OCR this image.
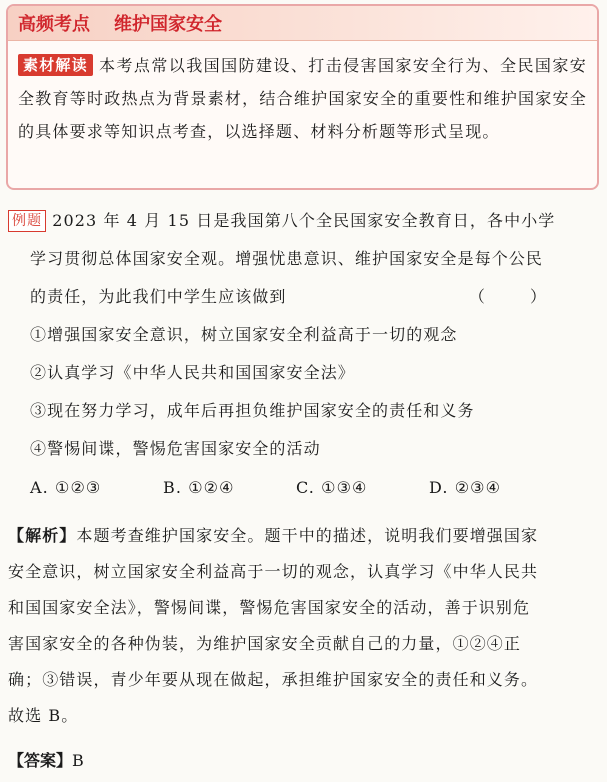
高频考点 维护国家安全
素材解读 本考点常以我国国防建设、打击侵害国家安全行为、全民国家安全教育等时政热点为背景素材，结合维护国家安全的重要性和维护国家安全的具体要求等知识点考查，以选择题、材料分析题等形式呈现。
例题 2023 年 4 月 15 日是我国第八个全民国家安全教育日，各中小学
学习贯彻总体国家安全观。增强忧患意识、维护国家安全是每个公民
的责任，为此我们中学生应该做到	（ ）
①增强国家安全意识，树立国家安全利益高于一切的观念
②认真学习《中华人民共和国国家安全法》
③现在努力学习，成年后再担负维护国家安全的责任和义务
④警惕间谍，警惕危害国家安全的活动
A. ①②③	B. ①②④	C. ①③④	D. ②③④
【解析】本题考查维护国家安全。题干中的描述，说明我们要增强国家
安全意识，树立国家安全利益高于一切的观念，认真学习《中华人民共
和国国家安全法》，警惕间谍，警惕危害国家安全的活动，善于识别危
害国家安全的各种伪装，为维护国家安全贡献自己的力量，①②④正
确；③错误，青少年要从现在做起，承担维护国家安全的责任和义务。
故选 B。
【答案】B
